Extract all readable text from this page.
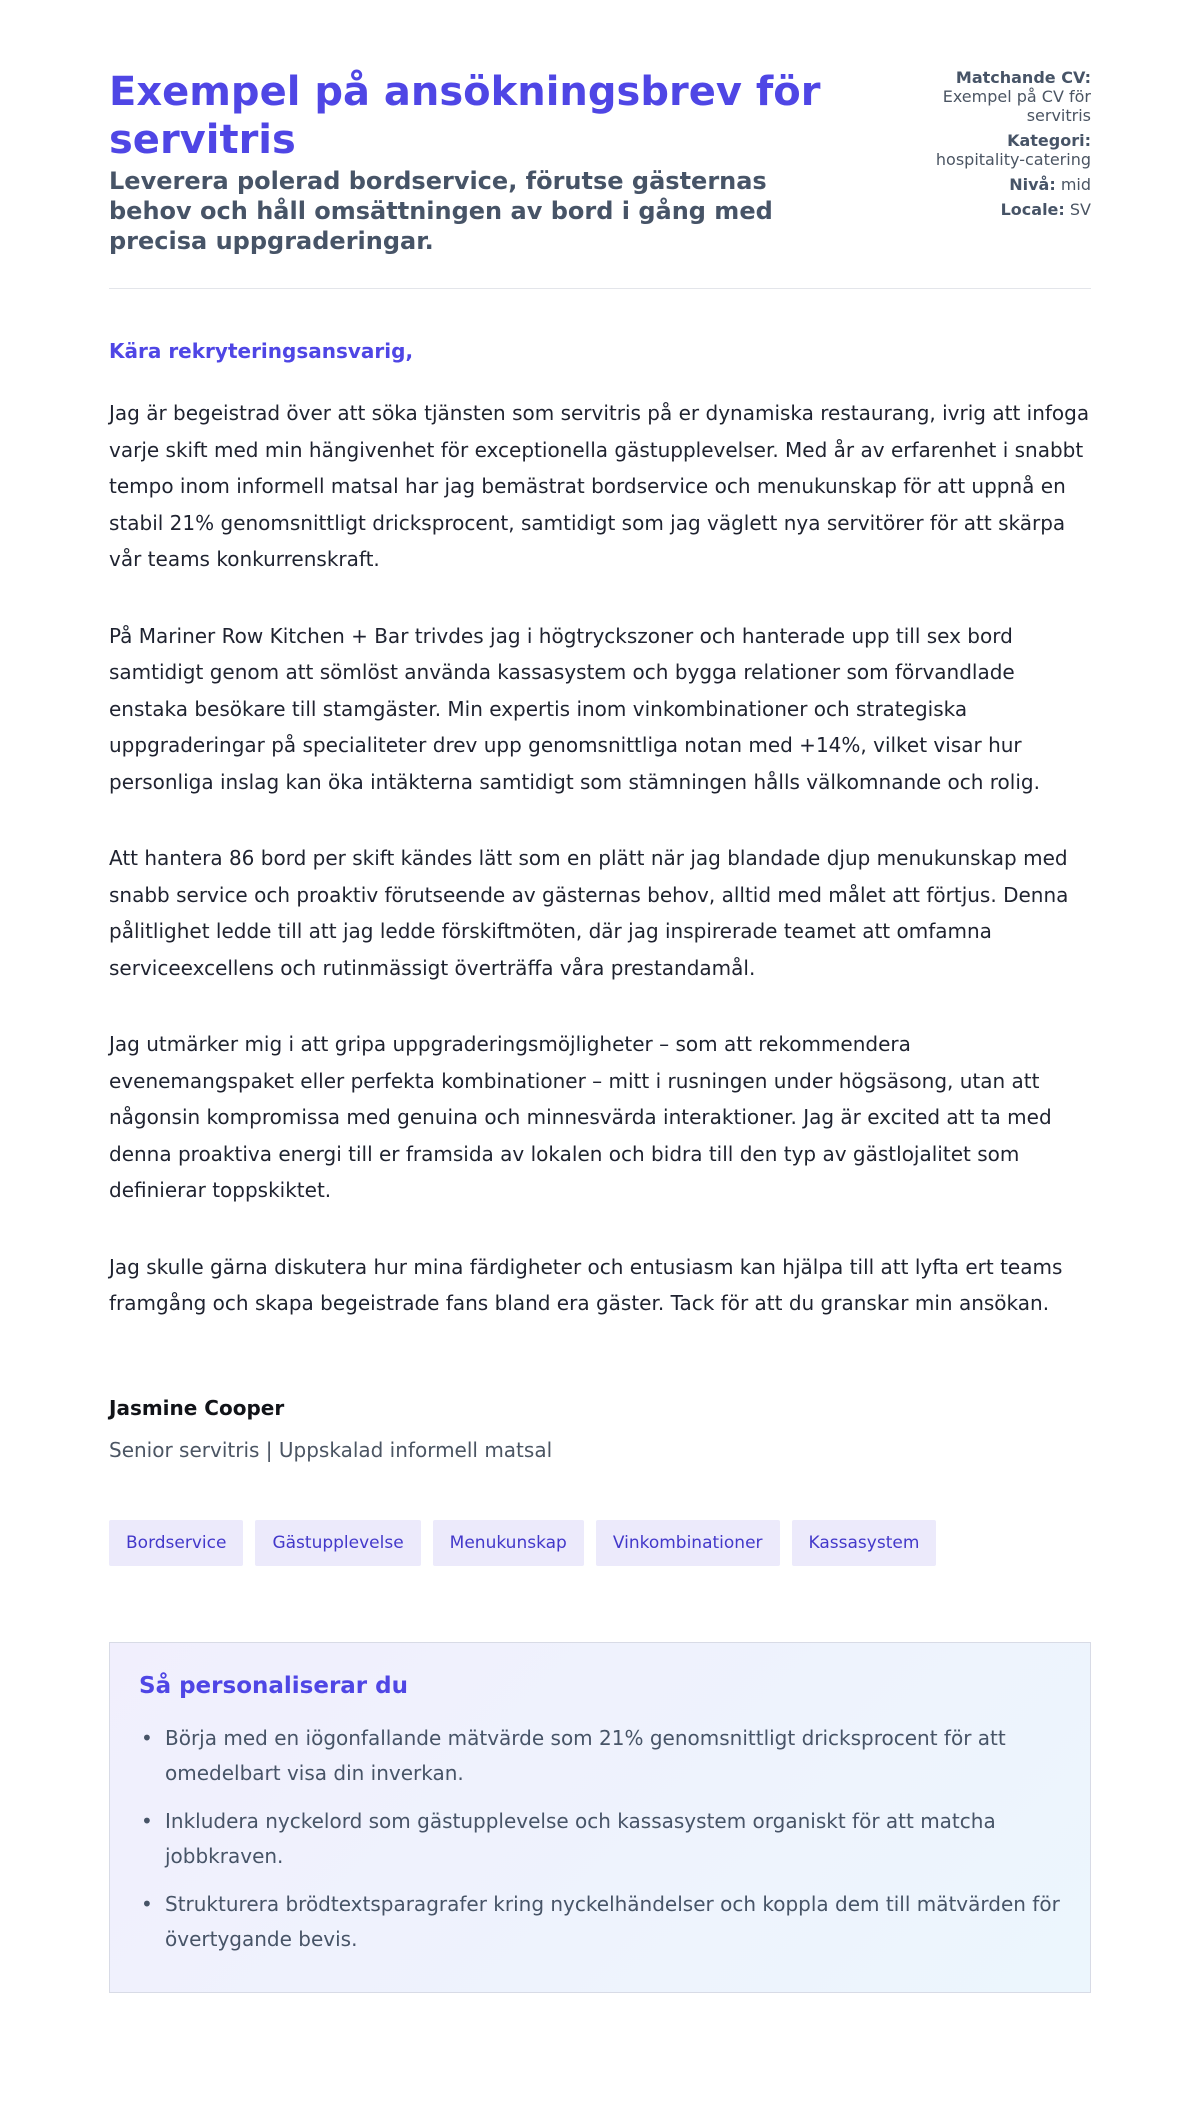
Exempel på ansökningsbrev för servitris
Leverera polerad bordservice, förutse gästernas behov och håll omsättningen av bord i gång med precisa uppgraderingar.
Matchande CV:
Exempel på CV för servitris
Kategori:
hospitality-catering
Nivå: mid
Locale: SV
Kära rekryteringsansvarig,

Jag är begeistrad över att söka tjänsten som servitris på er dynamiska restaurang, ivrig att infoga varje skift med min hängivenhet för exceptionella gästupplevelser. Med år av erfarenhet i snabbt tempo inom informell matsal har jag bemästrat bordservice och menukunskap för att uppnå en stabil 21% genomsnittligt dricksprocent, samtidigt som jag väglett nya servitörer för att skärpa vår teams konkurrenskraft.

På Mariner Row Kitchen + Bar trivdes jag i högtryckszoner och hanterade upp till sex bord samtidigt genom att sömlöst använda kassasystem och bygga relationer som förvandlade enstaka besökare till stamgäster. Min expertis inom vinkombinationer och strategiska uppgraderingar på specialiteter drev upp genomsnittliga notan med +14%, vilket visar hur personliga inslag kan öka intäkterna samtidigt som stämningen hålls välkomnande och rolig.

Att hantera 86 bord per skift kändes lätt som en plätt när jag blandade djup menukunskap med snabb service och proaktiv förutseende av gästernas behov, alltid med målet att förtjus. Denna pålitlighet ledde till att jag ledde förskiftmöten, där jag inspirerade teamet att omfamna serviceexcellens och rutinmässigt överträffa våra prestandamål.

Jag utmärker mig i att gripa uppgraderingsmöjligheter – som att rekommendera evenemangspaket eller perfekta kombinationer – mitt i rusningen under högsäsong, utan att någonsin kompromissa med genuina och minnesvärda interaktioner. Jag är excited att ta med denna proaktiva energi till er framsida av lokalen och bidra till den typ av gästlojalitet som definierar toppskiktet.

Jag skulle gärna diskutera hur mina färdigheter och entusiasm kan hjälpa till att lyfta ert teams framgång och skapa begeistrade fans bland era gäster. Tack för att du granskar min ansökan.

Jasmine Cooper
Senior servitris | Uppskalad informell matsal
Bordservice	Gästupplevelse	Menukunskap	Vinkombinationer	Kassasystem
Så personaliserar du
• Börja med en iögonfallande mätvärde som 21% genomsnittligt dricksprocent för att omedelbart visa din inverkan.
• Inkludera nyckelord som gästupplevelse och kassasystem organiskt för att matcha jobbkraven.
• Strukturera brödtextsparagrafer kring nyckelhändelser och koppla dem till mätvärden för övertygande bevis.
